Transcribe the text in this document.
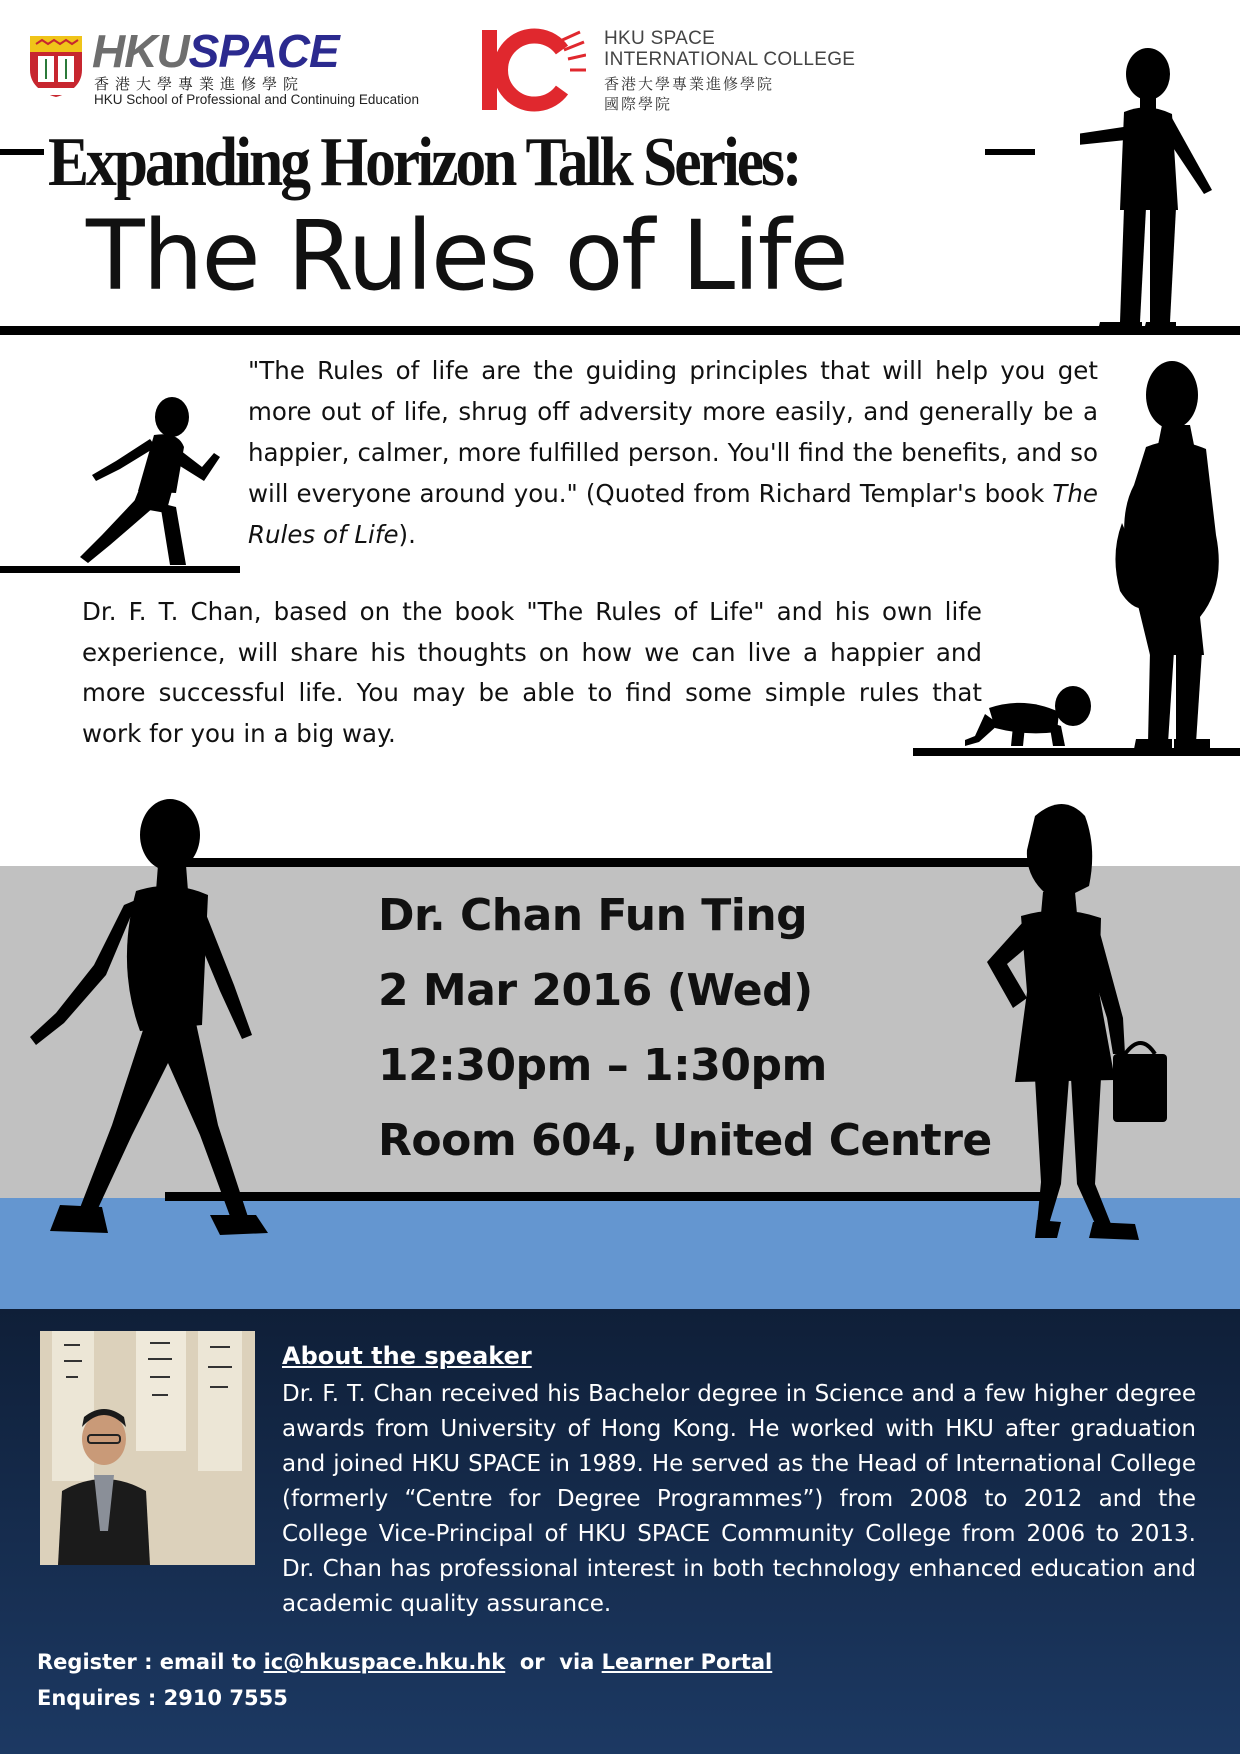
HKUSPACE
香港大學專業進修學院
HKU School of Professional and Continuing Education
HKU SPACE
INTERNATIONAL COLLEGE
香港大學專業進修學院
國際學院
Expanding Horizon Talk Series:
The Rules of Life
"The Rules of life are the guiding principles that will help you get more out of life, shrug off adversity more easily, and generally be a happier, calmer, more fulfilled person. You'll find the benefits, and so will everyone around you." (Quoted from Richard Templar's book The Rules of Life).
Dr. F. T. Chan, based on the book "The Rules of Life" and his own life experience, will share his thoughts on how we can live a happier and more successful life. You may be able to find some simple rules that work for you in a big way.
Dr. Chan Fun Ting
2 Mar 2016 (Wed)
12:30pm – 1:30pm
Room 604, United Centre
About the speaker
Dr. F. T. Chan received his Bachelor degree in Science and a few higher degree awards from University of Hong Kong. He worked with HKU after graduation and joined HKU SPACE in 1989. He served as the Head of International College (formerly “Centre for Degree Programmes”) from 2008 to 2012 and the College Vice-Principal of HKU SPACE Community College from 2006 to 2013. Dr. Chan has professional interest in both technology enhanced education and academic quality assurance.
Register : email to ic@hkuspace.hku.hk  or  via Learner Portal
Enquires : 2910 7555
